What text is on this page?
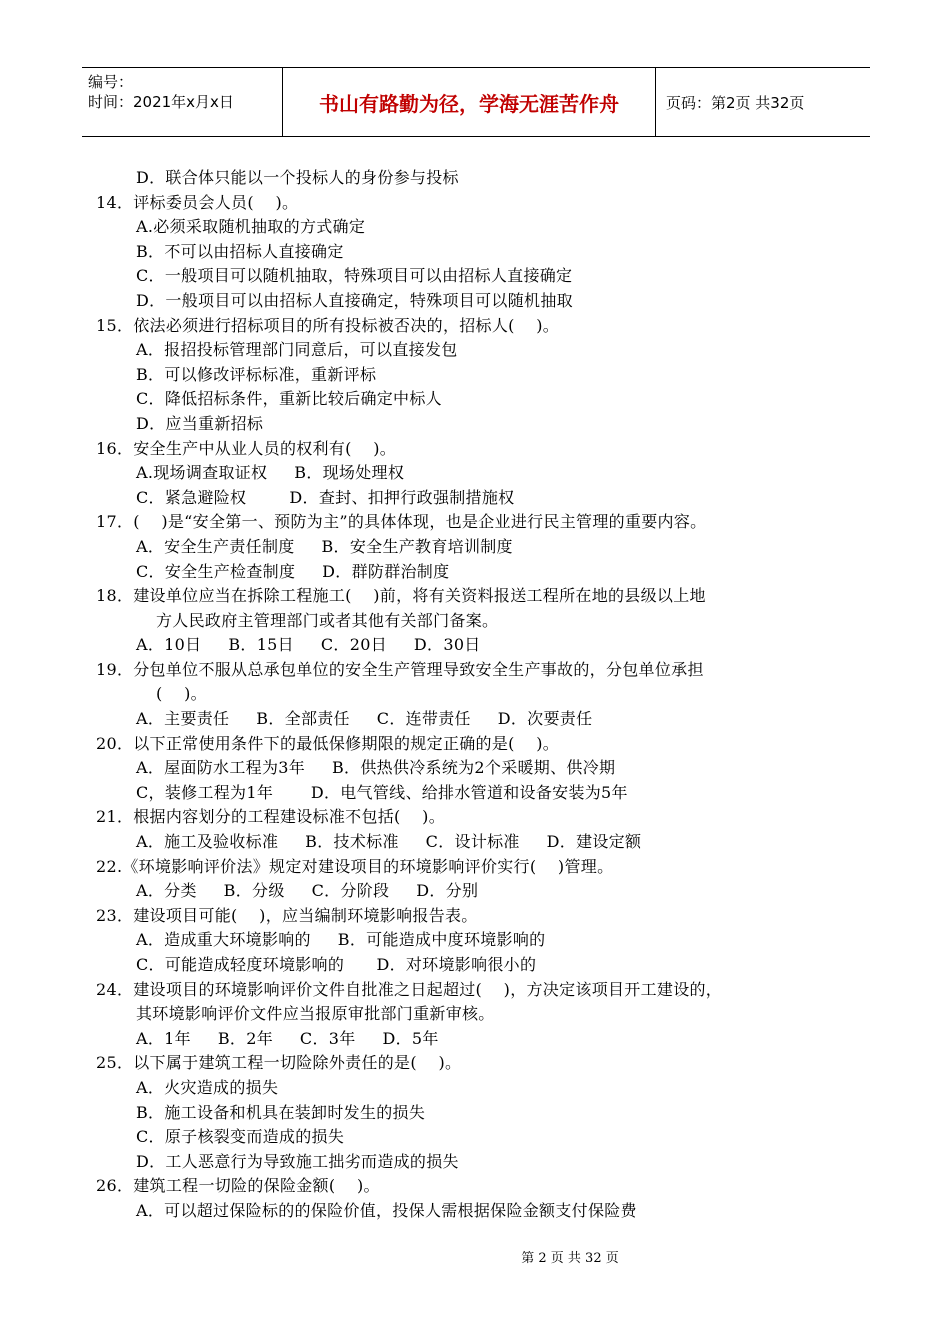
编号：
时间：2021年x月x日	书山有路勤为径，学海无涯苦作舟	页码：第2页 共32页
D．联合体只能以一个投标人的身份参与投标
14．评标委员会人员(    )。
A.必须采取随机抽取的方式确定
B．不可以由招标人直接确定
C．一般项目可以随机抽取，特殊项目可以由招标人直接确定
D．一般项目可以由招标人直接确定，特殊项目可以随机抽取
15．依法必须进行招标项目的所有投标被否决的，招标人(    )。
A．报招投标管理部门同意后，可以直接发包
B．可以修改评标标准，重新评标
C．降低招标条件，重新比较后确定中标人
D．应当重新招标
16．安全生产中从业人员的权利有(    )。
A.现场调查取证权     B．现场处理权
C．紧急避险权        D．查封、扣押行政强制措施权
17．(    )是“安全第一、预防为主”的具体体现，也是企业进行民主管理的重要内容。
A．安全生产责任制度     B．安全生产教育培训制度
C．安全生产检查制度     D．群防群治制度
18．建设单位应当在拆除工程施工(    )前，将有关资料报送工程所在地的县级以上地
方人民政府主管理部门或者其他有关部门备案。
A．10日     B．15日     C．20日     D．30日
19．分包单位不服从总承包单位的安全生产管理导致安全生产事故的，分包单位承担
(    )。
A．主要责任     B．全部责任     C．连带责任     D．次要责任
20．以下正常使用条件下的最低保修期限的规定正确的是(    )。
A．屋面防水工程为3年     B．供热供冷系统为2个采暖期、供冷期
C，装修工程为1年       D．电气管线、给排水管道和设备安装为5年
21．根据内容划分的工程建设标准不包括(    )。
A．施工及验收标准     B．技术标准     C．设计标准     D．建设定额
22.《环境影响评价法》规定对建设项目的环境影响评价实行(    )管理。
A．分类     B．分级     C．分阶段     D．分别
23．建设项目可能(    )，应当编制环境影响报告表。
A．造成重大环境影响的     B．可能造成中度环境影响的
C．可能造成轻度环境影响的      D．对环境影响很小的
24．建设项目的环境影响评价文件自批准之日起超过(    )，方决定该项目开工建设的，
其环境影响评价文件应当报原审批部门重新审核。
A．1年     B．2年     C．3年     D．5年
25．以下属于建筑工程一切险除外责任的是(    )。
A．火灾造成的损失
B．施工设备和机具在装卸时发生的损失
C．原子核裂变而造成的损失
D．工人恶意行为导致施工拙劣而造成的损失
26．建筑工程一切险的保险金额(    )。
A．可以超过保险标的的保险价值，投保人需根据保险金额支付保险费
第 2 页 共 32 页
